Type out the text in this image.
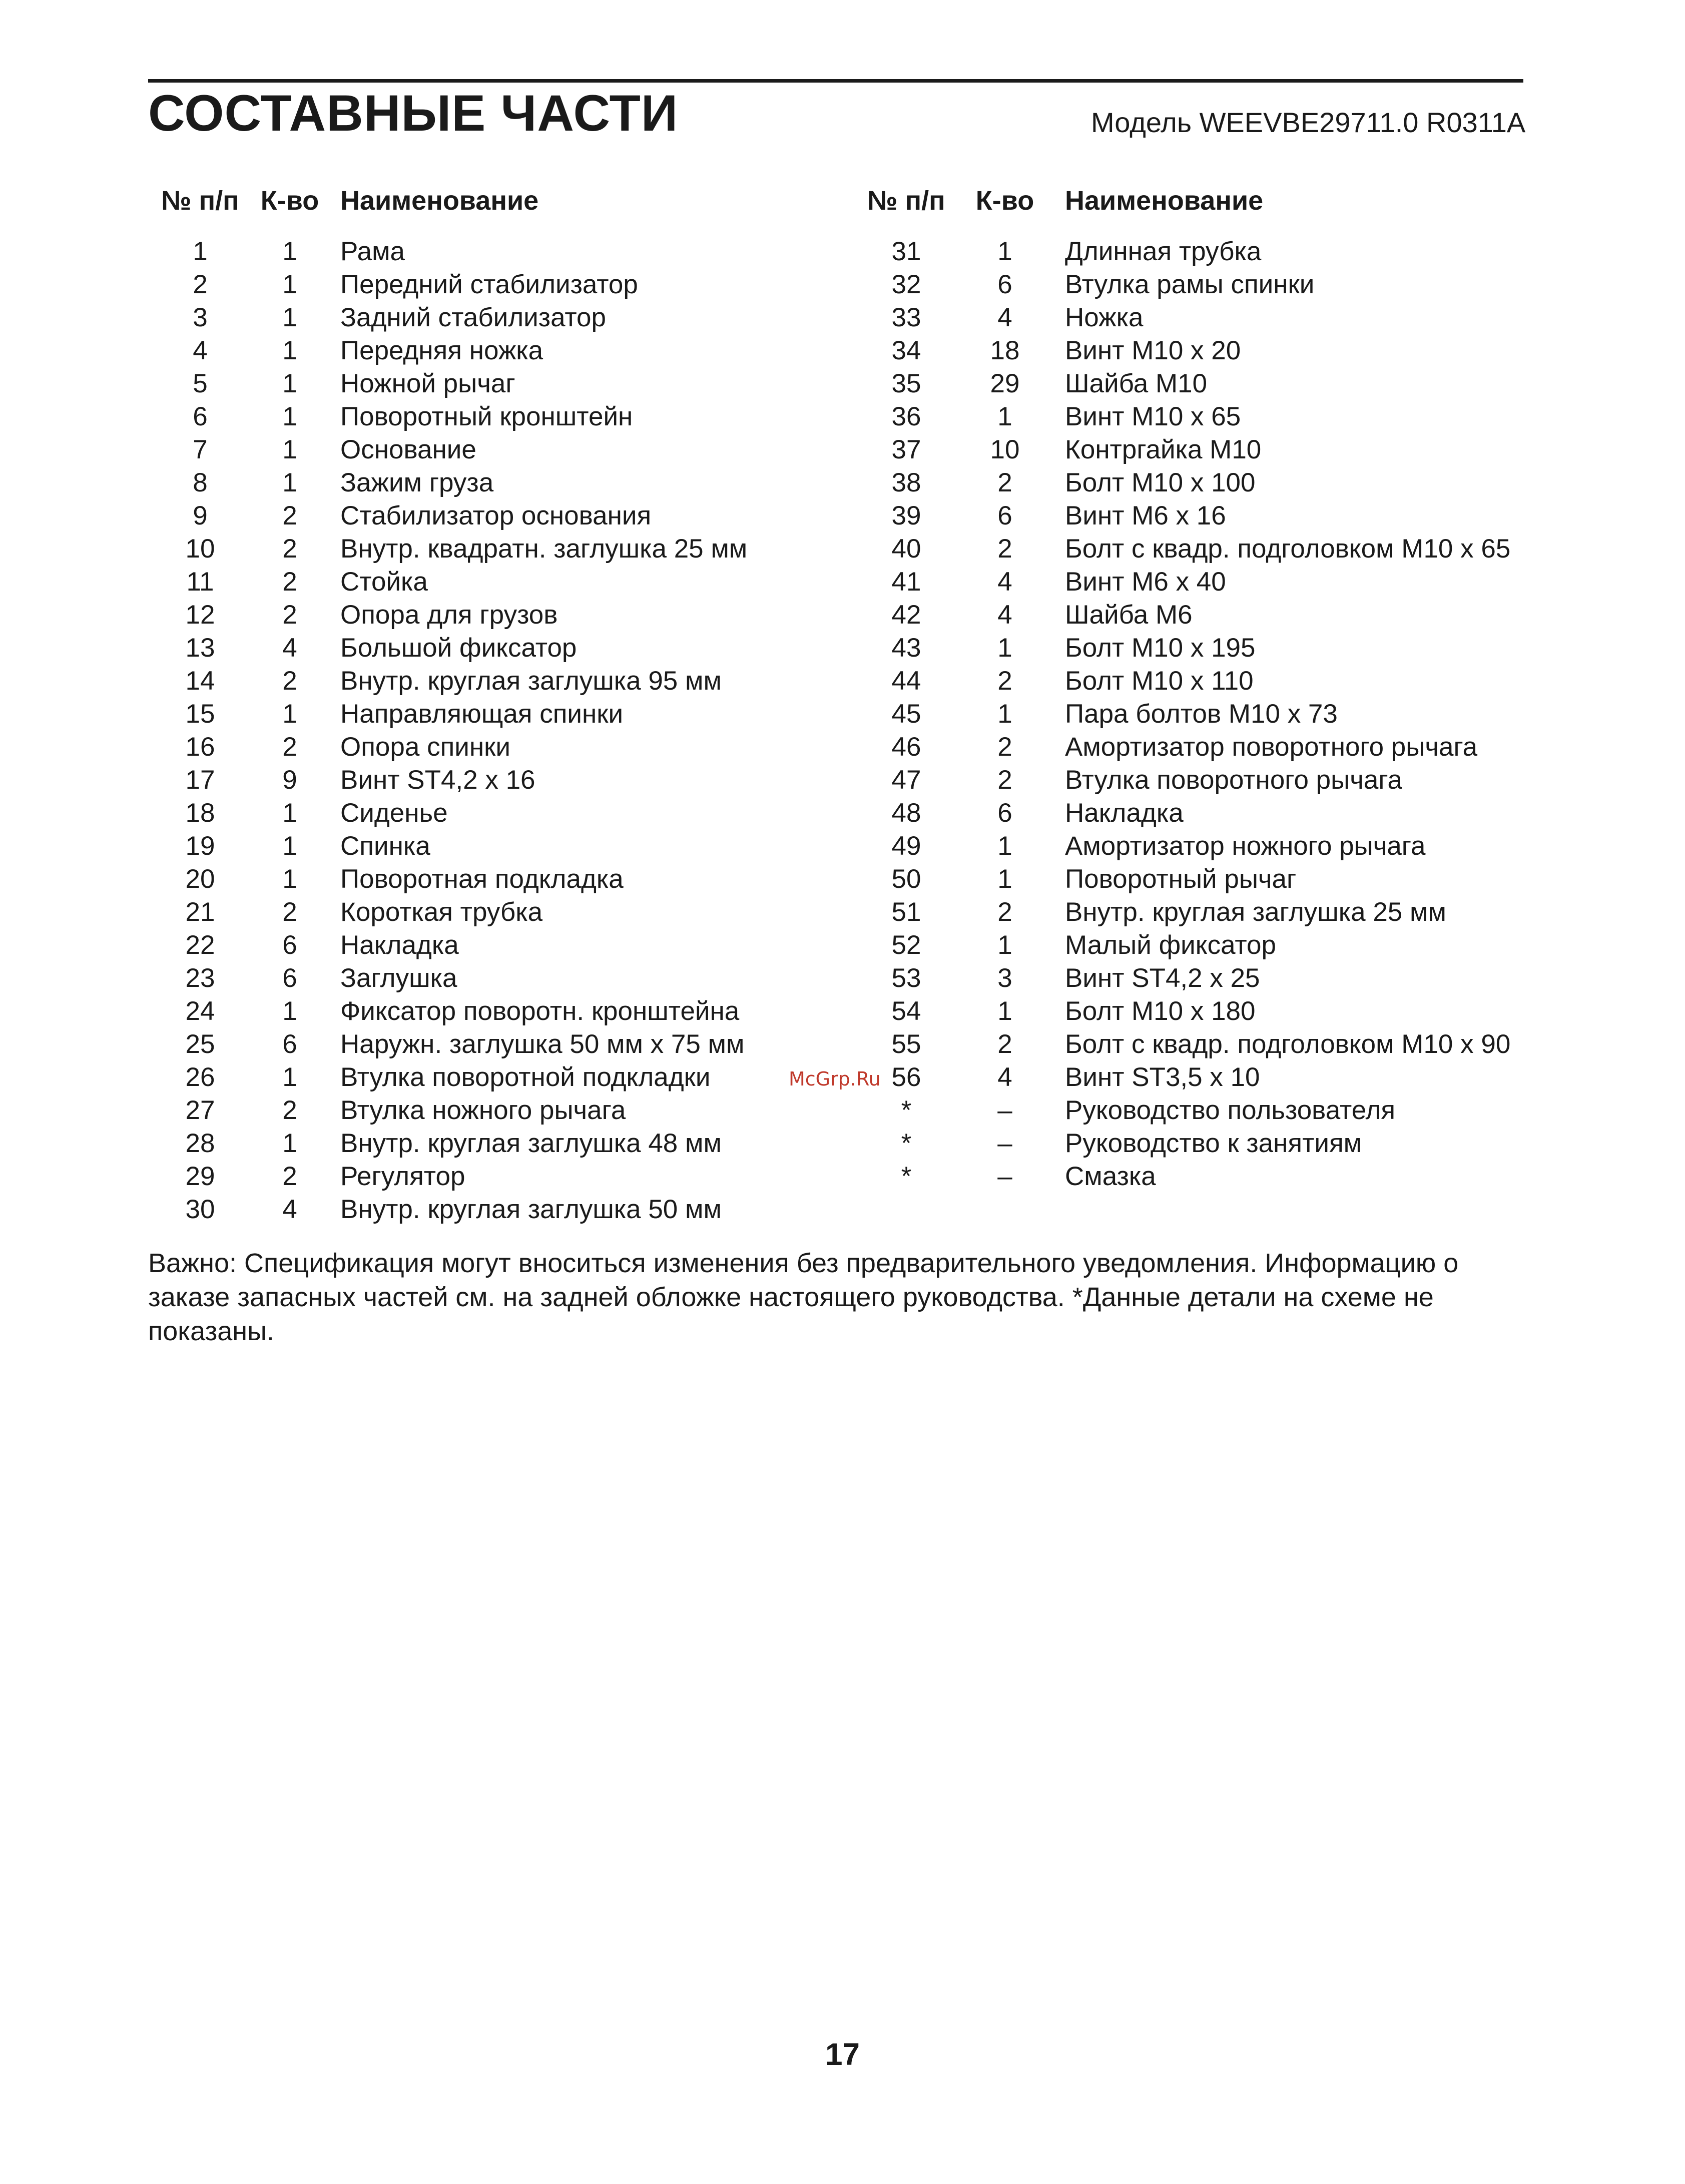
СОСТАВНЫЕ ЧАСТИ	Модель WEEVBE29711.0 R0311A
№ п/п	К-во	Наименование

1	1	Рама
2	1	Передний стабилизатор
3	1	Задний стабилизатор
4	1	Передняя ножка
5	1	Ножной рычаг
6	1	Поворотный кронштейн
7	1	Основание
8	1	Зажим груза
9	2	Стабилизатор основания
10	2	Внутр. квадратн. заглушка 25 мм
11	2	Стойка
12	2	Опора для грузов
13	4	Большой фиксатор
14	2	Внутр. круглая заглушка 95 мм
15	1	Направляющая спинки
16	2	Опора спинки
17	9	Винт ST4,2 x 16
18	1	Сиденье
19	1	Спинка
20	1	Поворотная подкладка
21	2	Короткая трубка
22	6	Накладка
23	6	Заглушка
24	1	Фиксатор поворотн. кронштейна
25	6	Наружн. заглушка 50 мм x 75 мм
26	1	Втулка поворотной подкладки
27	2	Втулка ножного рычага
28	1	Внутр. круглая заглушка 48 мм
29	2	Регулятор
30	4	Внутр. круглая заглушка 50 мм
№ п/п	К-во	Наименование

31	1	Длинная трубка
32	6	Втулка рамы спинки
33	4	Ножка
34	18	Винт M10 x 20
35	29	Шайба M10
36	1	Винт M10 x 65
37	10	Контргайка M10
38	2	Болт M10 x 100
39	6	Винт M6 x 16
40	2	Болт с квадр. подголовком M10 x 65
41	4	Винт M6 x 40
42	4	Шайба M6
43	1	Болт M10 x 195
44	2	Болт M10 x 110
45	1	Пара болтов M10 x 73
46	2	Амортизатор поворотного рычага
47	2	Втулка поворотного рычага
48	6	Накладка
49	1	Амортизатор ножного рычага
50	1	Поворотный рычаг
51	2	Внутр. круглая заглушка 25 мм
52	1	Малый фиксатор
53	3	Винт ST4,2 x 25
54	1	Болт M10 x 180
55	2	Болт с квадр. подголовком M10 x 90
56	4	Винт ST3,5 x 10
*	–	Руководство пользователя
*	–	Руководство к занятиям
*	–	Смазка
McGrp.Ru
Важно: Спецификация могут вноситься изменения без предварительного уведомления. Информацию о заказе запасных частей см. на задней обложке настоящего руководства. *Данные детали на схеме не показаны.
17
